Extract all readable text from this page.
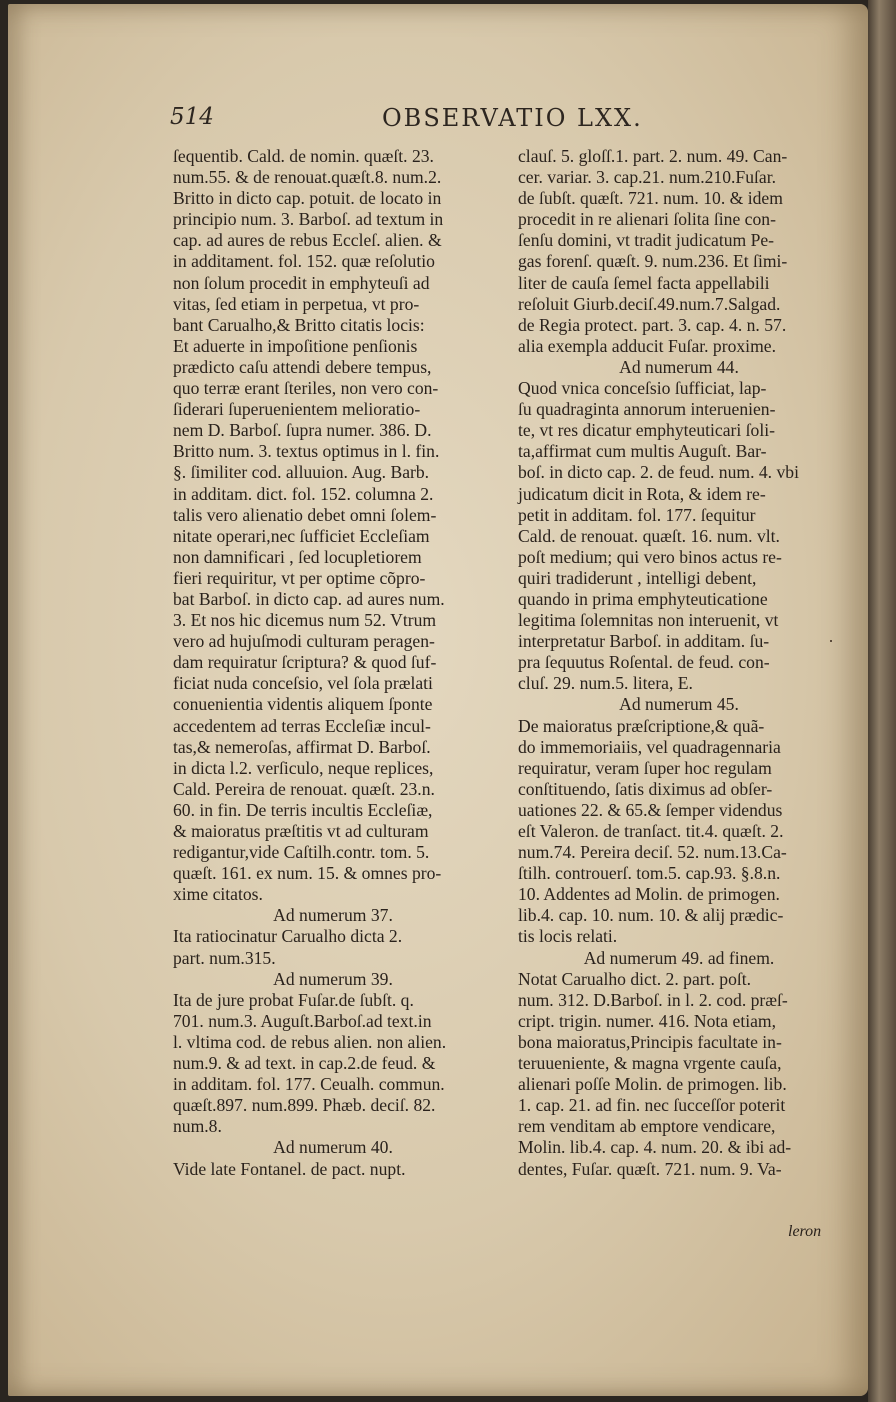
514	OBSERVATIO LXX.
ſequentib. Cald. de nomin. quæſt. 23.
num.55. & de renouat.quæſt.8. num.2.
Britto in dicto cap. potuit. de locato in
principio num. 3. Barboſ. ad textum in
cap. ad aures de rebus Eccleſ. alien. &
in additament. fol. 152. quæ reſolutio
non ſolum procedit in emphyteuſi ad
vitas, ſed etiam in perpetua, vt pro-
bant Carualho,& Britto citatis locis:
Et aduerte in impoſitione penſionis
prædicto caſu attendi debere tempus,
quo terræ erant ſteriles, non vero con-
ſiderari ſuperuenientem melioratio-
nem D. Barboſ. ſupra numer. 386. D.
Britto num. 3. textus optimus in l. fin.
§. ſimiliter cod. alluuion. Aug. Barb.
in additam. dict. fol. 152. columna 2.
talis vero alienatio debet omni ſolem-
nitate operari,nec ſufficiet Eccleſiam
non damnificari , ſed locupletiorem
fieri requiritur, vt per optime cõpro-
bat Barboſ. in dicto cap. ad aures num.
3. Et nos hic dicemus num 52. Vtrum
vero ad hujuſmodi culturam peragen-
dam requiratur ſcriptura? & quod ſuf-
ficiat nuda conceſsio, vel ſola prælati
conuenientia videntis aliquem ſponte
accedentem ad terras Eccleſiæ incul-
tas,& nemeroſas, affirmat D. Barboſ.
in dicta l.2. verſiculo, neque replices,
Cald. Pereira de renouat. quæſt. 23.n.
60. in fin. De terris incultis Eccleſiæ,
& maioratus præſtitis vt ad culturam
redigantur,vide Caſtilh.contr. tom. 5.
quæſt. 161. ex num. 15. & omnes pro-
xime citatos.
Ad numerum 37.
Ita ratiocinatur Carualho dicta 2.
part. num.315.
Ad numerum 39.
Ita de jure probat Fuſar.de ſubſt. q.
701. num.3. Auguſt.Barboſ.ad text.in
l. vltima cod. de rebus alien. non alien.
num.9. & ad text. in cap.2.de feud. &
in additam. fol. 177. Ceualh. commun.
quæſt.897. num.899. Phæb. deciſ. 82.
num.8.
Ad numerum 40.
Vide late Fontanel. de pact. nupt.
clauſ. 5. gloſſ.1. part. 2. num. 49. Can-
cer. variar. 3. cap.21. num.210.Fuſar.
de ſubſt. quæſt. 721. num. 10. & idem
procedit in re alienari ſolita ſine con-
ſenſu domini, vt tradit judicatum Pe-
gas forenſ. quæſt. 9. num.236. Et ſimi-
liter de cauſa ſemel facta appellabili
reſoluit Giurb.deciſ.49.num.7.Salgad.
de Regia protect. part. 3. cap. 4. n. 57.
alia exempla adducit Fuſar. proxime.
Ad numerum 44.
Quod vnica conceſsio ſufficiat, lap-
ſu quadraginta annorum interuenien-
te, vt res dicatur emphyteuticari ſoli-
ta,affirmat cum multis Auguſt. Bar-
boſ. in dicto cap. 2. de feud. num. 4. vbi
judicatum dicit in Rota, & idem re-
petit in additam. fol. 177. ſequitur
Cald. de renouat. quæſt. 16. num. vlt.
poſt medium; qui vero binos actus re-
quiri tradiderunt , intelligi debent,
quando in prima emphyteuticatione
legitima ſolemnitas non interuenit, vt
interpretatur Barboſ. in additam. ſu-
pra ſequutus Roſental. de feud. con-
cluſ. 29. num.5. litera, E.
Ad numerum 45.
De maioratus præſcriptione,& quã-
do immemoriaiis, vel quadragennaria
requiratur, veram ſuper hoc regulam
conſtituendo, ſatis diximus ad obſer-
uationes 22. & 65.& ſemper videndus
eſt Valeron. de tranſact. tit.4. quæſt. 2.
num.74. Pereira deciſ. 52. num.13.Ca-
ſtilh. controuerſ. tom.5. cap.93. §.8.n.
10. Addentes ad Molin. de primogen.
lib.4. cap. 10. num. 10. & alij prædic-
tis locis relati.
Ad numerum 49. ad finem.
Notat Carualho dict. 2. part. poſt.
num. 312. D.Barboſ. in l. 2. cod. præſ-
cript. trigin. numer. 416. Nota etiam,
bona maioratus,Principis facultate in-
teruueniente, & magna vrgente cauſa,
alienari poſſe Molin. de primogen. lib.
1. cap. 21. ad fin. nec ſucceſſor poterit
rem venditam ab emptore vendicare,
Molin. lib.4. cap. 4. num. 20. & ibi ad-
dentes, Fuſar. quæſt. 721. num. 9. Va-
leron
